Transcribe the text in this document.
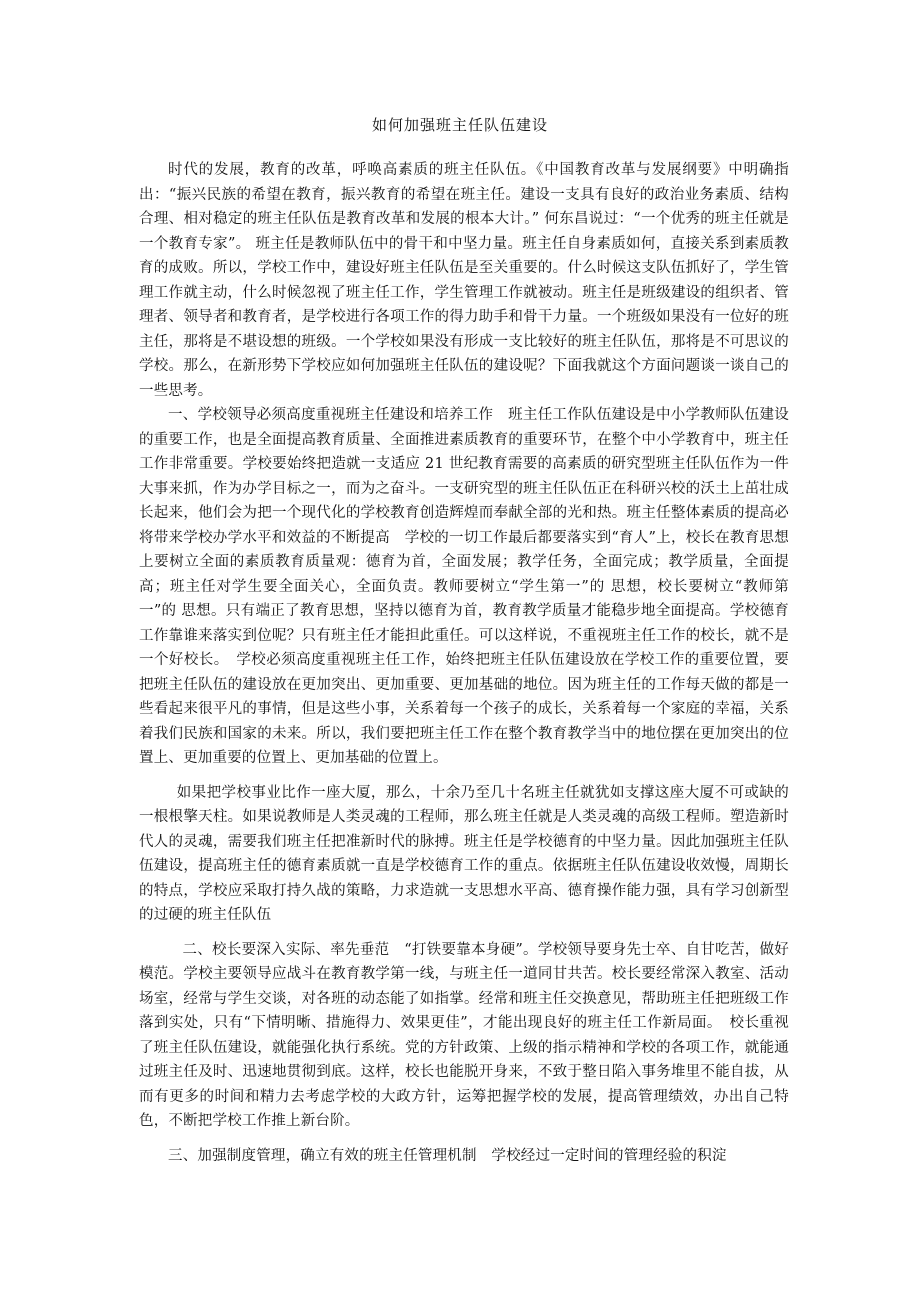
如何加强班主任队伍建设

时代的发展，教育的改革，呼唤高素质的班主任队伍。《中国教育改革与发展纲要》中明确指出：“振兴民族的希望在教育，振兴教育的希望在班主任。建设一支具有良好的政治业务素质、结构合理、相对稳定的班主任队伍是教育改革和发展的根本大计。” 何东昌说过：“一个优秀的班主任就是一个教育专家”。 班主任是教师队伍中的骨干和中坚力量。班主任自身素质如何，直接关系到素质教育的成败。所以，学校工作中，建设好班主任队伍是至关重要的。什么时候这支队伍抓好了，学生管理工作就主动，什么时候忽视了班主任工作，学生管理工作就被动。班主任是班级建设的组织者、管理者、领导者和教育者，是学校进行各项工作的得力助手和骨干力量。一个班级如果没有一位好的班主任，那将是不堪设想的班级。一个学校如果没有形成一支比较好的班主任队伍，那将是不可思议的学校。那么，在新形势下学校应如何加强班主任队伍的建设呢？下面我就这个方面问题谈一谈自己的一些思考。

一、学校领导必须高度重视班主任建设和培养工作　班主任工作队伍建设是中小学教师队伍建设的重要工作，也是全面提高教育质量、全面推进素质教育的重要环节，在整个中小学教育中，班主任工作非常重要。学校要始终把造就一支适应 21 世纪教育需要的高素质的研究型班主任队伍作为一件大事来抓，作为办学目标之一，而为之奋斗。一支研究型的班主任队伍正在科研兴校的沃土上茁壮成长起来，他们会为把一个现代化的学校教育创造辉煌而奉献全部的光和热。班主任整体素质的提高必将带来学校办学水平和效益的不断提高　学校的一切工作最后都要落实到“育人”上，校长在教育思想上要树立全面的素质教育质量观：德育为首，全面发展；教学任务，全面完成；教学质量，全面提高；班主任对学生要全面关心，全面负责。教师要树立“学生第一”的 思想，校长要树立“教师第一”的 思想。只有端正了教育思想，坚持以德育为首，教育教学质量才能稳步地全面提高。学校德育工作靠谁来落实到位呢？只有班主任才能担此重任。可以这样说，不重视班主任工作的校长，就不是一个好校长。　学校必须高度重视班主任工作，始终把班主任队伍建设放在学校工作的重要位置，要把班主任队伍的建设放在更加突出、更加重要、更加基础的地位。因为班主任的工作每天做的都是一些看起来很平凡的事情，但是这些小事，关系着每一个孩子的成长，关系着每一个家庭的幸福，关系着我们民族和国家的未来。所以，我们要把班主任工作在整个教育教学当中的地位摆在更加突出的位置上、更加重要的位置上、更加基础的位置上。

如果把学校事业比作一座大厦，那么，十余乃至几十名班主任就犹如支撑这座大厦不可或缺的一根根擎天柱。如果说教师是人类灵魂的工程师，那么班主任就是人类灵魂的高级工程师。塑造新时代人的灵魂，需要我们班主任把准新时代的脉搏。班主任是学校德育的中坚力量。因此加强班主任队伍建设，提高班主任的德育素质就一直是学校德育工作的重点。依据班主任队伍建设收效慢，周期长的特点，学校应采取打持久战的策略，力求造就一支思想水平高、德育操作能力强，具有学习创新型的过硬的班主任队伍

二、校长要深入实际、率先垂范　“打铁要靠本身硬”。学校领导要身先士卒、自甘吃苦，做好模范。学校主要领导应战斗在教育教学第一线，与班主任一道同甘共苦。校长要经常深入教室、活动场室，经常与学生交谈，对各班的动态能了如指掌。经常和班主任交换意见，帮助班主任把班级工作落到实处，只有“下情明晰、措施得力、效果更佳”，才能出现良好的班主任工作新局面。　校长重视了班主任队伍建设，就能强化执行系统。党的方针政策、上级的指示精神和学校的各项工作，就能通过班主任及时、迅速地贯彻到底。这样，校长也能脱开身来，不致于整日陷入事务堆里不能自拔，从而有更多的时间和精力去考虑学校的大政方针，运筹把握学校的发展，提高管理绩效，办出自己特色，不断把学校工作推上新台阶。

三、加强制度管理，确立有效的班主任管理机制　学校经过一定时间的管理经验的积淀
